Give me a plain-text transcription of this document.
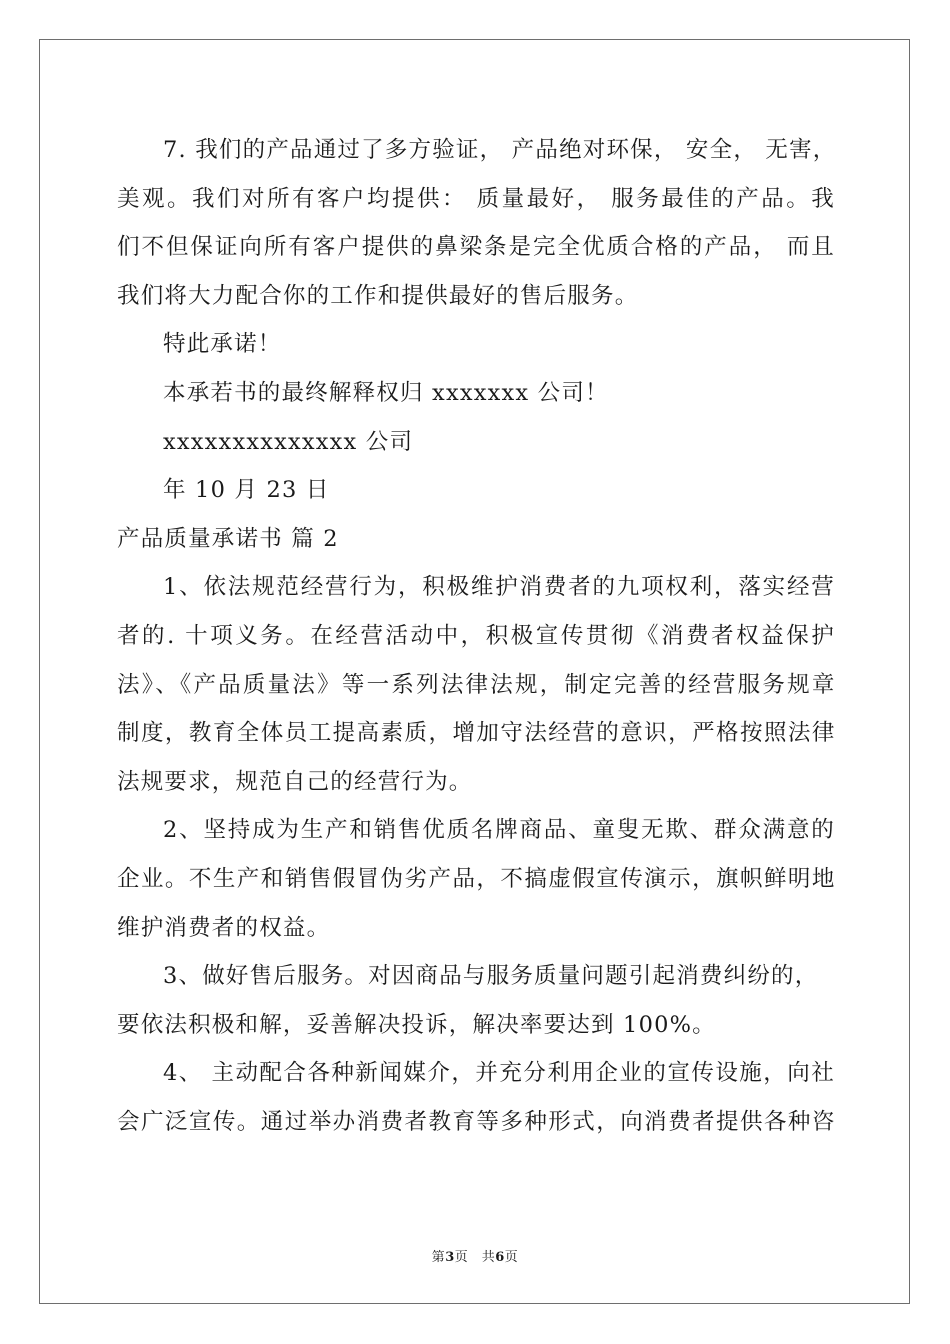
7. 我们的产品通过了多方验证， 产品绝对环保， 安全， 无害，
美观。我们对所有客户均提供： 质量最好， 服务最佳的产品。我
们不但保证向所有客户提供的鼻梁条是完全优质合格的产品， 而且
我们将大力配合你的工作和提供最好的售后服务。
特此承诺！
本承若书的最终解释权归 xxxxxxx 公司！
xxxxxxxxxxxxxx 公司
年 10 月 23 日
产品质量承诺书 篇 2
1、依法规范经营行为，积极维护消费者的九项权利，落实经营
者的. 十项义务。在经营活动中，积极宣传贯彻《消费者权益保护
法》、《产品质量法》等一系列法律法规，制定完善的经营服务规章
制度，教育全体员工提高素质，增加守法经营的意识，严格按照法律
法规要求，规范自己的经营行为。
2、坚持成为生产和销售优质名牌商品、童叟无欺、群众满意的
企业。不生产和销售假冒伪劣产品，不搞虚假宣传演示，旗帜鲜明地
维护消费者的权益。
3、做好售后服务。对因商品与服务质量问题引起消费纠纷的，
要依法积极和解，妥善解决投诉，解决率要达到 100%。
4、 主动配合各种新闻媒介，并充分利用企业的宣传设施，向社
会广泛宣传。通过举办消费者教育等多种形式，向消费者提供各种咨
第3页　共6页
